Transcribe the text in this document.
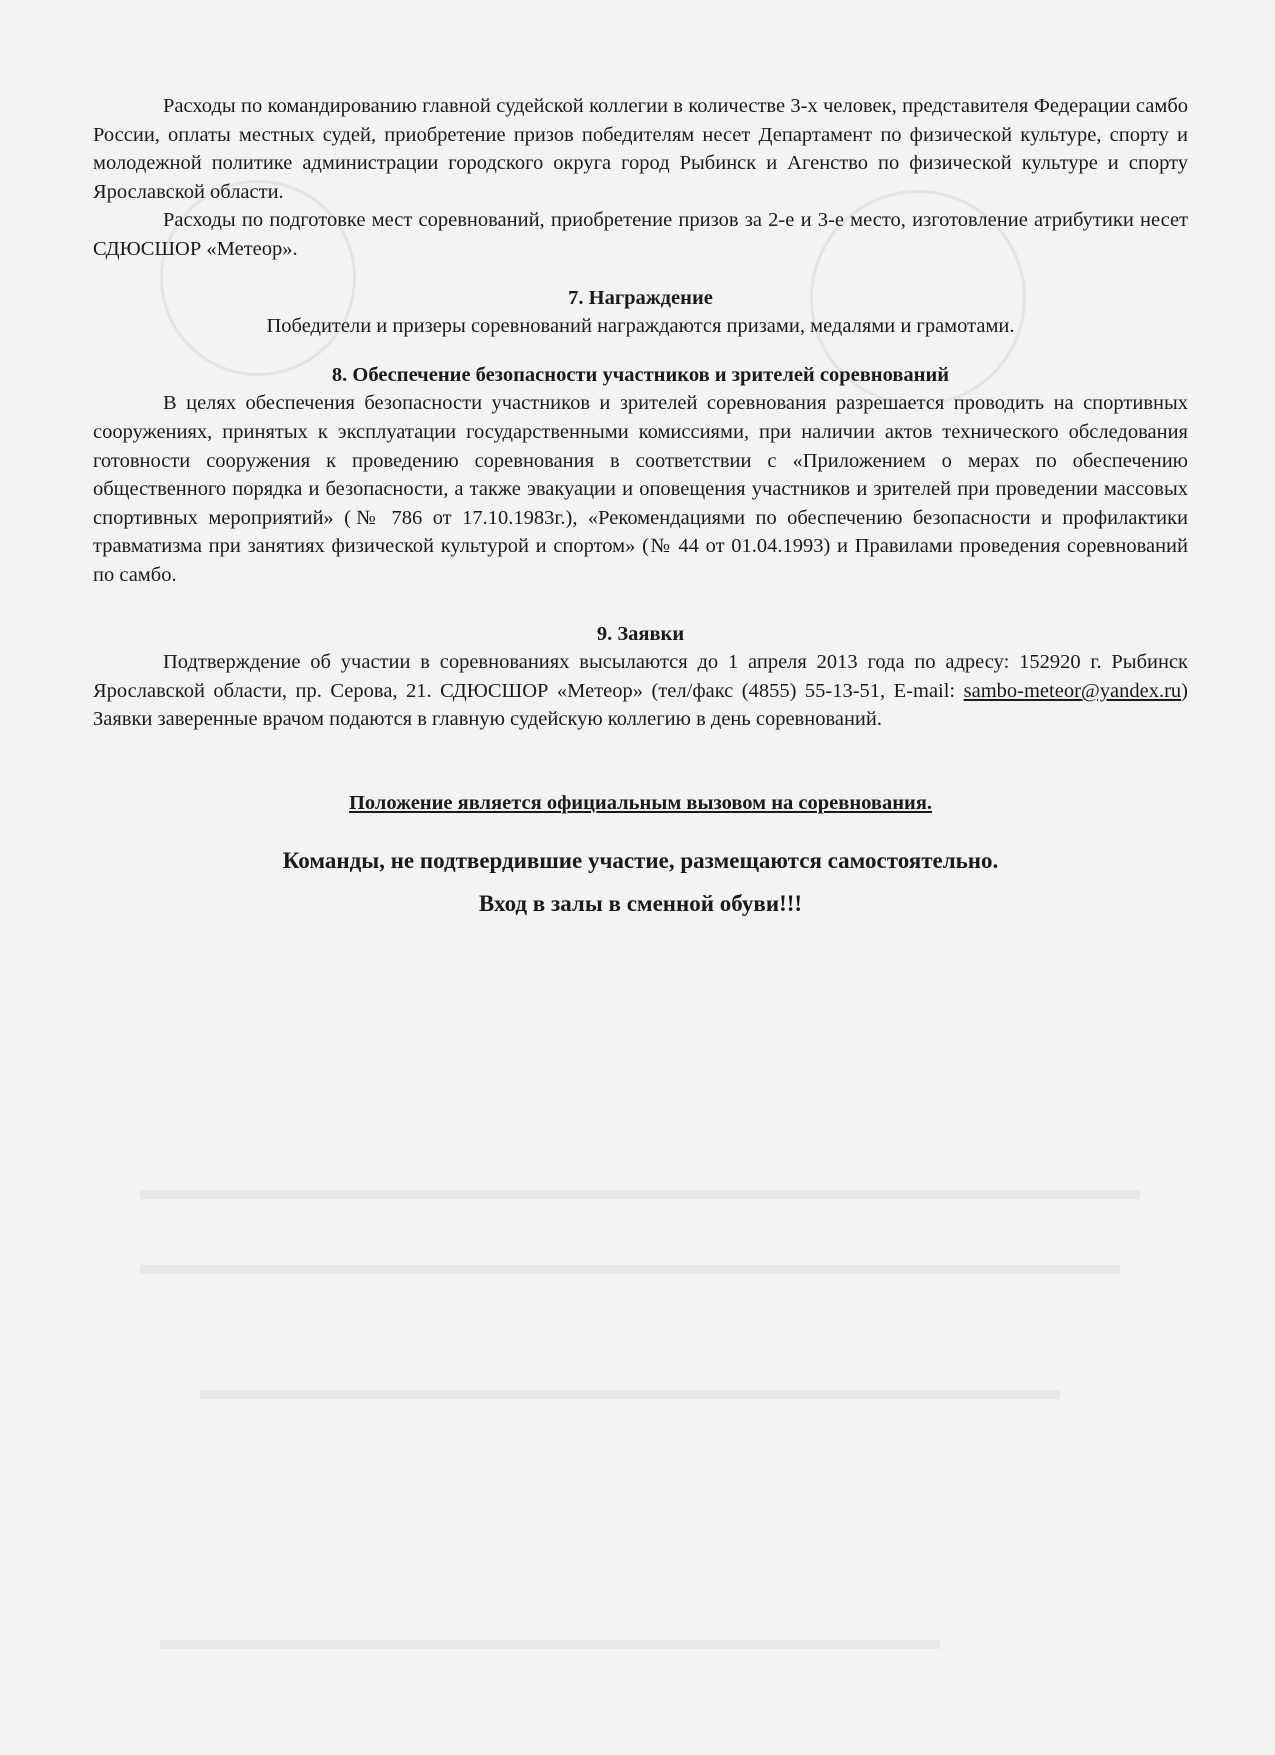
Расходы по командированию главной судейской коллегии в количестве 3-х человек, представителя Федерации самбо России, оплаты местных судей, приобретение призов победителям несет Департамент по физической культуре, спорту и молодежной политике администрации городского округа город Рыбинск и Агенство по физической культуре и спорту Ярославской области.

Расходы по подготовке мест соревнований, приобретение призов за 2-е и 3-е место, изготовление атрибутики несет СДЮСШОР «Метеор».

7. Награждение

Победители и призеры соревнований награждаются призами, медалями и грамотами.

8. Обеспечение безопасности участников и зрителей соревнований

В целях обеспечения безопасности участников и зрителей соревнования разрешается проводить на спортивных сооружениях, принятых к эксплуатации государственными комиссиями, при наличии актов технического обследования готовности сооружения к проведению соревнования в соответствии с «Приложением о мерах по обеспечению общественного порядка и безопасности, а также эвакуации и оповещения участников и зрителей при проведении массовых спортивных мероприятий» (№ 786 от 17.10.1983г.), «Рекомендациями по обеспечению безопасности и профилактики травматизма при занятиях физической культурой и спортом» (№ 44 от 01.04.1993) и Правилами проведения соревнований по самбо.

9. Заявки

Подтверждение об участии в соревнованиях высылаются до 1 апреля 2013 года по адресу: 152920 г. Рыбинск Ярославской области, пр. Серова, 21. СДЮСШОР «Метеор» (тел/факс (4855) 55-13-51, E-mail: sambo-meteor@yandex.ru) Заявки заверенные врачом подаются в главную судейскую коллегию в день соревнований.

Положение является официальным вызовом на соревнования.

Команды, не подтвердившие участие, размещаются самостоятельно.

Вход в залы в сменной обуви!!!
